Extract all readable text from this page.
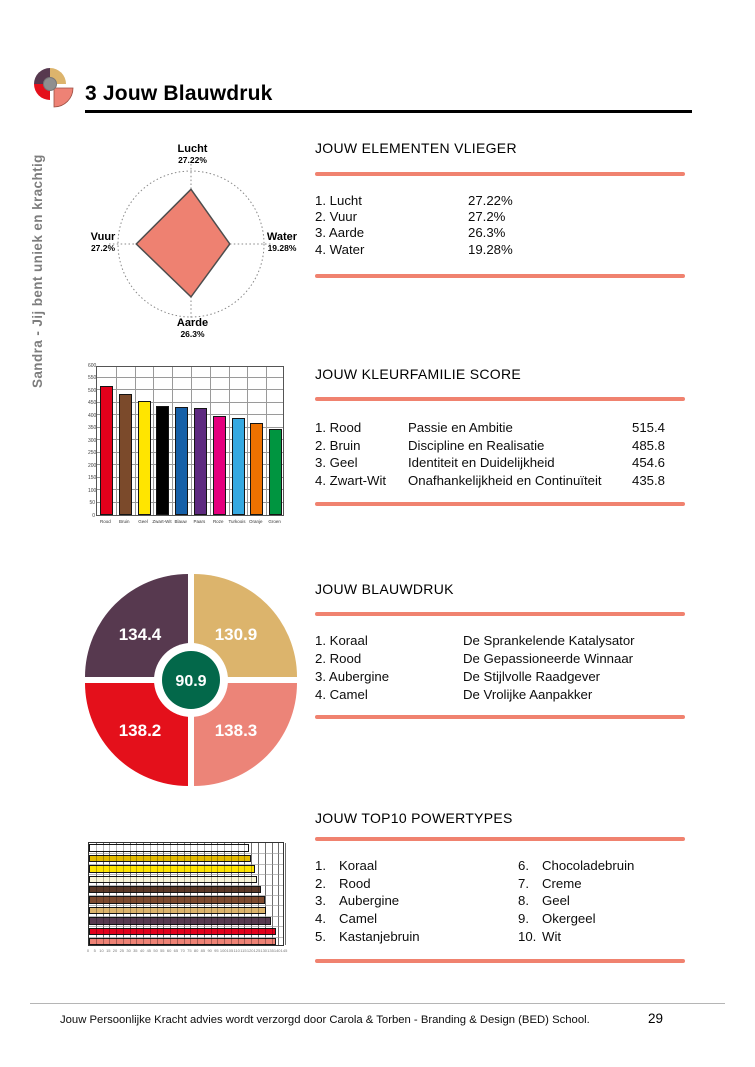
3 Jouw Blauwdruk
Sandra - Jij bent uniek en krachtig
Lucht
27.22%
Water
19.28%
Aarde
26.3%
Vuur
27.2%
JOUW ELEMENTEN VLIEGER
1. Lucht	27.22%
2. Vuur	27.2%
3. Aarde	26.3%
4. Water	19.28%
0
50
100
150
200
250
300
350
400
450
500
550
600
Rood	Bruin	Geel	Zwart-Wit Blauw	Paars	Roze	Turkoois Oranje	Groen
JOUW KLEURFAMILIE SCORE
1. Rood	Passie en Ambitie	515.4
2. Bruin	Discipline en Realisatie	485.8
3. Geel	Identiteit en Duidelijkheid	454.6
4. Zwart-Wit	Onafhankelijkheid en Continuïteit	435.8
90.9
134.4	130.9
138.2	138.3
JOUW BLAUWDRUK
1. Koraal	De Sprankelende Katalysator
2. Rood	De Gepassioneerde Winnaar
3. Aubergine	De Stijlvolle Raadgever
4. Camel	De Vrolijke Aanpakker
0	5 10 15 20 25 30 35 40 45 50 55 60 65 70 75 80 85 90 95 100 105 110 115 120 125 130 135 140 145
JOUW TOP10 POWERTYPES
1. Koraal
2. Rood
3. Aubergine
4. Camel
5. Kastanjebruin
6. Chocoladebruin
7. Creme
8. Geel
9. Okergeel
10. Wit
Jouw Persoonlijke Kracht advies wordt verzorgd door Carola & Torben - Branding & Design (BED) School.	29
